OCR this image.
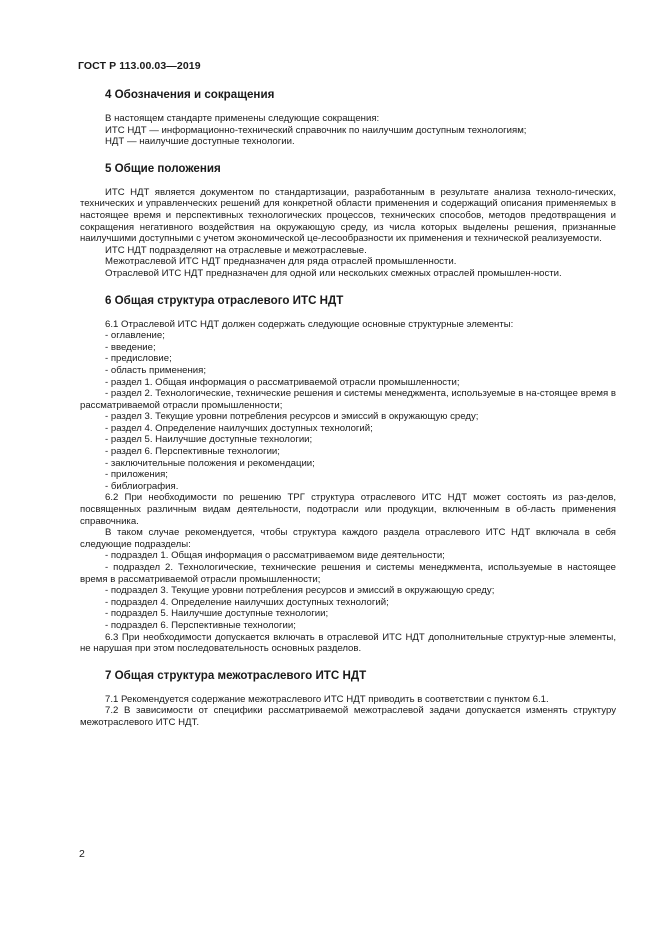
ГОСТ Р 113.00.03—2019
4 Обозначения и сокращения

В настоящем стандарте применены следующие сокращения:

ИТС НДТ — информационно-технический справочник по наилучшим доступным технологиям;

НДТ — наилучшие доступные технологии.

5 Общие положения

ИТС НДТ является документом по стандартизации, разработанным в результате анализа техноло-гических, технических и управленческих решений для конкретной области применения и содержащий описания применяемых в настоящее время и перспективных технологических процессов, технических способов, методов предотвращения и сокращения негативного воздействия на окружающую среду, из числа которых выделены решения, признанные наилучшими доступными с учетом экономической це-лесообразности их применения и технической реализуемости.

ИТС НДТ подразделяют на отраслевые и межотраслевые.

Межотраслевой ИТС НДТ предназначен для ряда отраслей промышленности.

Отраслевой ИТС НДТ предназначен для одной или нескольких смежных отраслей промышлен-ности.

6 Общая структура отраслевого ИТС НДТ

6.1 Отраслевой ИТС НДТ должен содержать следующие основные структурные элементы:

- оглавление;

- введение;

- предисловие;

- область применения;

- раздел 1. Общая информация о рассматриваемой отрасли промышленности;

- раздел 2. Технологические, технические решения и системы менеджмента, используемые в на-стоящее время в рассматриваемой отрасли промышленности;

- раздел 3. Текущие уровни потребления ресурсов и эмиссий в окружающую среду;

- раздел 4. Определение наилучших доступных технологий;

- раздел 5. Наилучшие доступные технологии;

- раздел 6. Перспективные технологии;

- заключительные положения и рекомендации;

- приложения;

- библиография.

6.2 При необходимости по решению ТРГ структура отраслевого ИТС НДТ может состоять из раз-делов, посвященных различным видам деятельности, подотрасли или продукции, включенным в об-ласть применения справочника.

В таком случае рекомендуется, чтобы структура каждого раздела отраслевого ИТС НДТ включала в себя следующие подразделы:

- подраздел 1. Общая информация о рассматриваемом виде деятельности;

- подраздел 2. Технологические, технические решения и системы менеджмента, используемые в настоящее время в рассматриваемой отрасли промышленности;

- подраздел 3. Текущие уровни потребления ресурсов и эмиссий в окружающую среду;

- подраздел 4. Определение наилучших доступных технологий;

- подраздел 5. Наилучшие доступные технологии;

- подраздел 6. Перспективные технологии;

6.3 При необходимости допускается включать в отраслевой ИТС НДТ дополнительные структур-ные элементы, не нарушая при этом последовательность основных разделов.

7 Общая структура межотраслевого ИТС НДТ

7.1 Рекомендуется содержание межотраслевого ИТС НДТ приводить в соответствии с пунктом 6.1.

7.2 В зависимости от специфики рассматриваемой межотраслевой задачи допускается изменять структуру межотраслевого ИТС НДТ.

2
